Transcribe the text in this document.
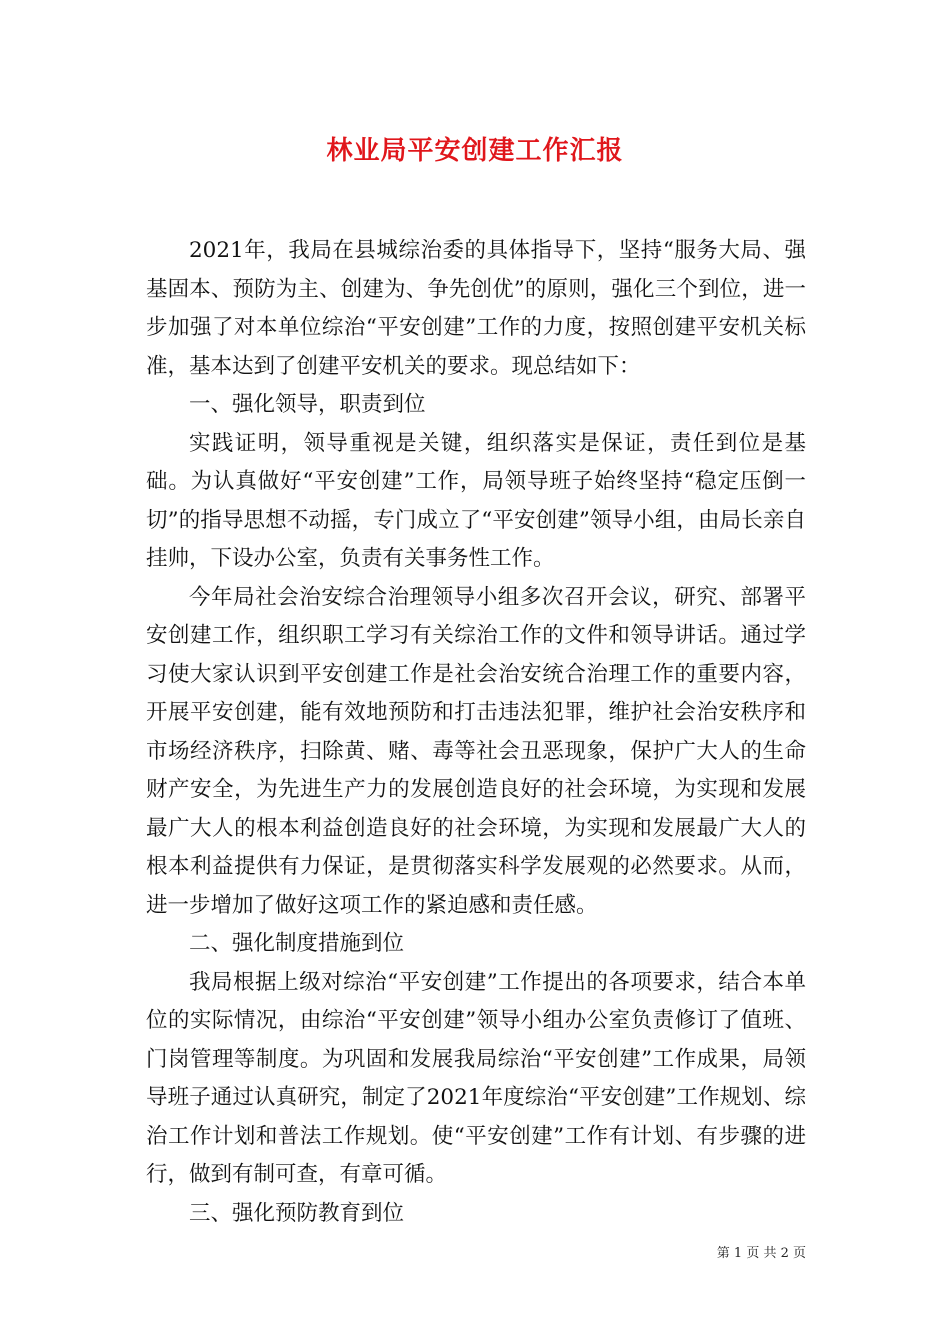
林业局平安创建工作汇报

2021年，我局在县城综治委的具体指导下，坚持“服务大局、强基固本、预防为主、创建为、争先创优”的原则，强化三个到位，进一步加强了对本单位综治“平安创建”工作的力度，按照创建平安机关标准，基本达到了创建平安机关的要求。现总结如下：

一、强化领导，职责到位

实践证明，领导重视是关键，组织落实是保证，责任到位是基础。为认真做好“平安创建”工作，局领导班子始终坚持“稳定压倒一切”的指导思想不动摇，专门成立了“平安创建”领导小组，由局长亲自挂帅，下设办公室，负责有关事务性工作。

今年局社会治安综合治理领导小组多次召开会议，研究、部署平安创建工作，组织职工学习有关综治工作的文件和领导讲话。通过学习使大家认识到平安创建工作是社会治安统合治理工作的重要内容，开展平安创建，能有效地预防和打击违法犯罪，维护社会治安秩序和市场经济秩序，扫除黄、赌、毒等社会丑恶现象，保护广大人的生命财产安全，为先进生产力的发展创造良好的社会环境，为实现和发展最广大人的根本利益创造良好的社会环境，为实现和发展最广大人的根本利益提供有力保证，是贯彻落实科学发展观的必然要求。从而，进一步增加了做好这项工作的紧迫感和责任感。

二、强化制度措施到位

我局根据上级对综治“平安创建”工作提出的各项要求，结合本单位的实际情况，由综治“平安创建”领导小组办公室负责修订了值班、门岗管理等制度。为巩固和发展我局综治“平安创建”工作成果，局领导班子通过认真研究，制定了2021年度综治“平安创建”工作规划、综治工作计划和普法工作规划。使“平安创建”工作有计划、有步骤的进行，做到有制可查，有章可循。

三、强化预防教育到位

第 1 页 共 2 页
